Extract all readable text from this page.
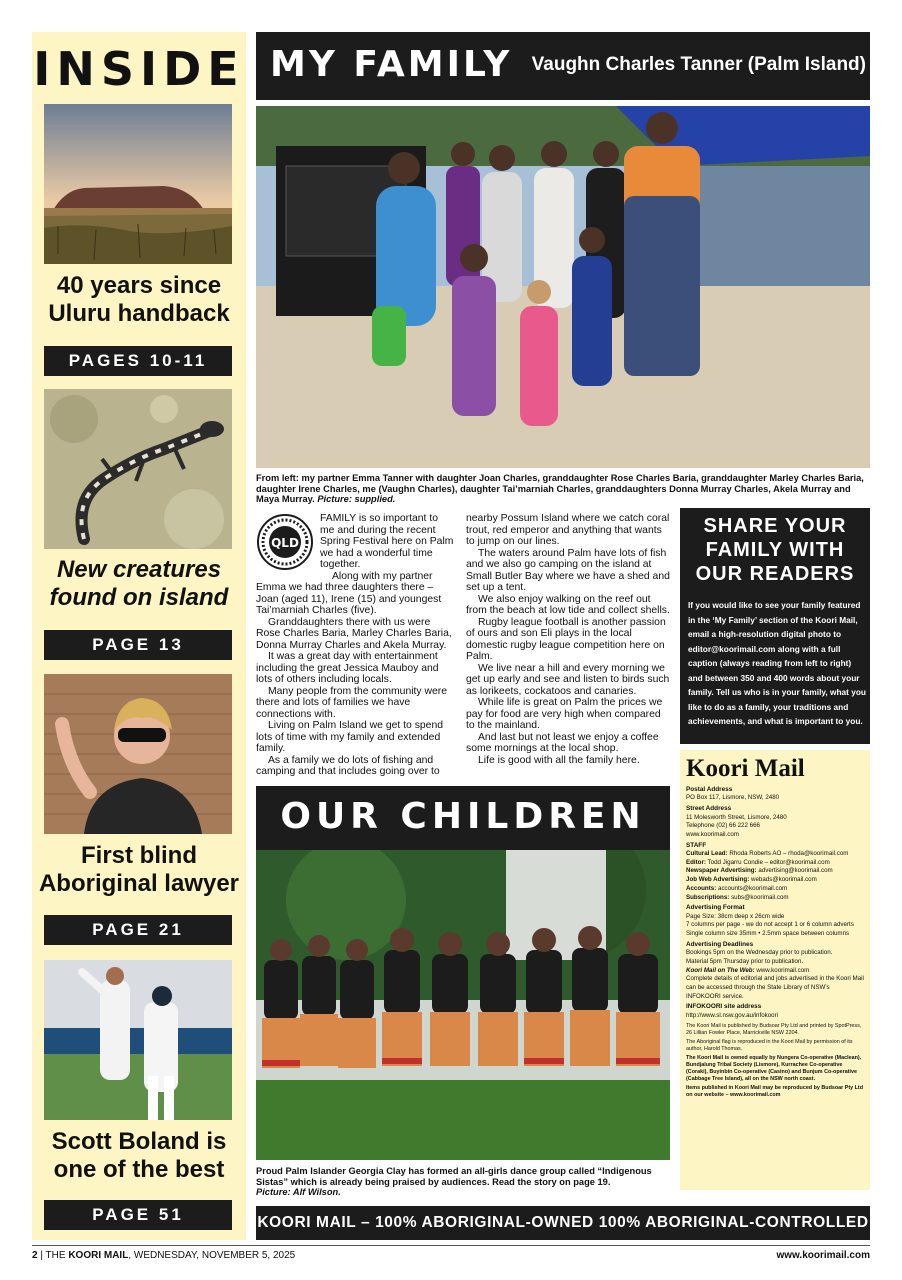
INSIDE
40 years since Uluru handback
PAGES 10-11
New creatures found on island
PAGE 13
First blind Aboriginal lawyer
PAGE 21
Scott Boland is one of the best
PAGE 51
MY FAMILY Vaughn Charles Tanner (Palm Island)
From left: my partner Emma Tanner with daughter Joan Charles, granddaughter Rose Charles Baria, granddaughter Marley Charles Baria, daughter Irene Charles, me (Vaughn Charles), daughter Tai’marniah Charles, granddaughters Donna Murray Charles, Akela Murray and Maya Murray. Picture: supplied.
QLD

FAMILY is so important to me and during the recent Spring Festival here on Palm we had a wonderful time together.

Along with my partner Emma we had three daughters there – Joan (aged 11), Irene (15) and youngest Tai’marniah Charles (five).

Granddaughters there with us were Rose Charles Baria, Marley Charles Baria, Donna Murray Charles and Akela Murray.

It was a great day with entertainment including the great Jessica Mauboy and lots of others including locals.

Many people from the community were there and lots of families we have connections with.

Living on Palm Island we get to spend lots of time with my family and extended family.

As a family we do lots of fishing and camping and that includes going over to

nearby Possum Island where we catch coral trout, red emperor and anything that wants to jump on our lines.

The waters around Palm have lots of fish and we also go camping on the island at Small Butler Bay where we have a shed and set up a tent.

We also enjoy walking on the reef out from the beach at low tide and collect shells.

Rugby league football is another passion of ours and son Eli plays in the local domestic rugby league competition here on Palm.

We live near a hill and every morning we get up early and see and listen to birds such as lorikeets, cockatoos and canaries.

While life is great on Palm the prices we pay for food are very high when compared to the mainland.

And last but not least we enjoy a coffee some mornings at the local shop.

Life is good with all the family here.

SHARE YOUR FAMILY WITH OUR READERS
If you would like to see your family featured in the ‘My Family’ section of the Koori Mail, email a high-resolution digital photo to editor@koorimail.com along with a full caption (always reading from left to right) and between 350 and 400 words about your family. Tell us who is in your family, what you like to do as a family, your traditions and achievements, and what is important to you.
Koori Mail
Postal Address
PO Box 117, Lismore, NSW, 2480
Street Address
11 Molesworth Street, Lismore, 2480
Telephone (02) 66 222 666
www.koorimail.com
STAFF
Cultural Lead: Rhoda Roberts AO – rhoda@koorimail.com
Editor: Todd Jigarru Condie – editor@koorimail.com
Newspaper Advertising: advertising@koorimail.com
Job Web Advertising: webads@koorimail.com
Accounts: accounts@koorimail.com
Subscriptions: subs@koorimail.com
Advertising Format
Page Size: 38cm deep x 26cm wide
7 columns per page - we do not accept 1 or 6 column adverts
Single column size 35mm • 2.5mm space between columns
Advertising Deadlines
Bookings 5pm on the Wednesday prior to publication.
Material 5pm Thursday prior to publication.
Koori Mail on The Web: www.koorimail.com
Complete details of editorial and jobs advertised in the Koori Mail can be accessed through the State Library of NSW’s INFOKOORI service.
INFOKOORI site address
http://www.sl.nsw.gov.au/infokoori
The Koori Mail is published by Budsoar Pty Ltd and printed by SpotPress, 26 Lillian Fowler Place, Marrickville NSW 2204.
The Aboriginal flag is reproduced in the Koori Mail by permission of its author, Harold Thomas.
The Koori Mail is owned equally by Nungera Co-operative (Maclean), Bundjalung Tribal Society (Lismore), Kurrachee Co-operative (Coraki), Buyinbin Co-operative (Casino) and Bunjum Co-operative (Cabbage Tree Island), all on the NSW north coast.
Items published in Koori Mail may be reproduced by Budsoar Pty Ltd on our website – www.koorimail.com
OUR CHILDREN
Proud Palm Islander Georgia Clay has formed an all-girls dance group called “Indigenous Sistas” which is already being praised by audiences. Read the story on page 19.
Picture: Alf Wilson.
KOORI MAIL – 100% ABORIGINAL-OWNED 100% ABORIGINAL-CONTROLLED
2 | THE KOORI MAIL, WEDNESDAY, NOVEMBER 5, 2025	www.koorimail.com
